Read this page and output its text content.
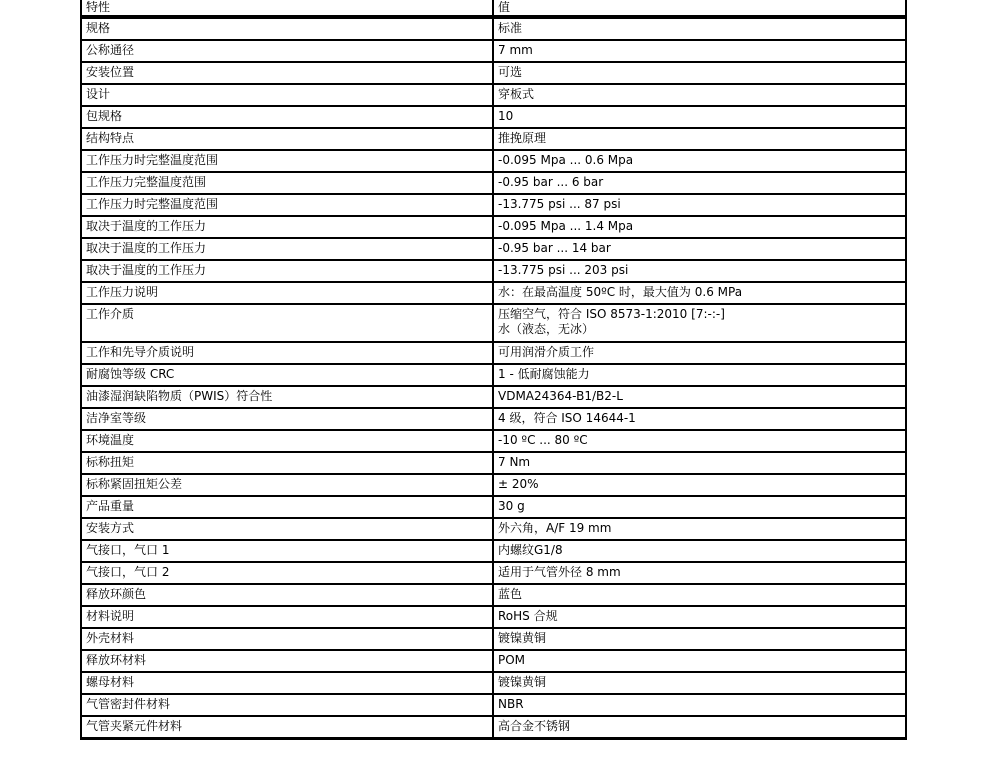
特性	值
规格	标准
公称通径	7 mm
安装位置	可选
设计	穿板式
包规格	10
结构特点	推挽原理
工作压力时完整温度范围	-0.095 Mpa ... 0.6 Mpa
工作压力完整温度范围	-0.95 bar ... 6 bar
工作压力时完整温度范围	-13.775 psi ... 87 psi
取决于温度的工作压力	-0.095 Mpa ... 1.4 Mpa
取决于温度的工作压力	-0.95 bar ... 14 bar
取决于温度的工作压力	-13.775 psi ... 203 psi
工作压力说明	水：在最高温度 50ºC 时，最大值为 0.6 MPa
工作介质	压缩空气，符合 ISO 8573-1:2010 [7:-:-]
水（液态，无冰）
工作和先导介质说明	可用润滑介质工作
耐腐蚀等级 CRC	1 - 低耐腐蚀能力
油漆湿润缺陷物质（PWIS）符合性	VDMA24364-B1/B2-L
洁净室等级	4 级，符合 ISO 14644-1
环境温度	-10 ºC ... 80 ºC
标称扭矩	7 Nm
标称紧固扭矩公差	± 20%
产品重量	30 g
安装方式	外六角，A/F 19 mm
气接口，气口 1	内螺纹G1/8
气接口，气口 2	适用于气管外径 8 mm
释放环颜色	蓝色
材料说明	RoHS 合规
外壳材料	镀镍黄铜
释放环材料	POM
螺母材料	镀镍黄铜
气管密封件材料	NBR
气管夹紧元件材料	高合金不锈钢
